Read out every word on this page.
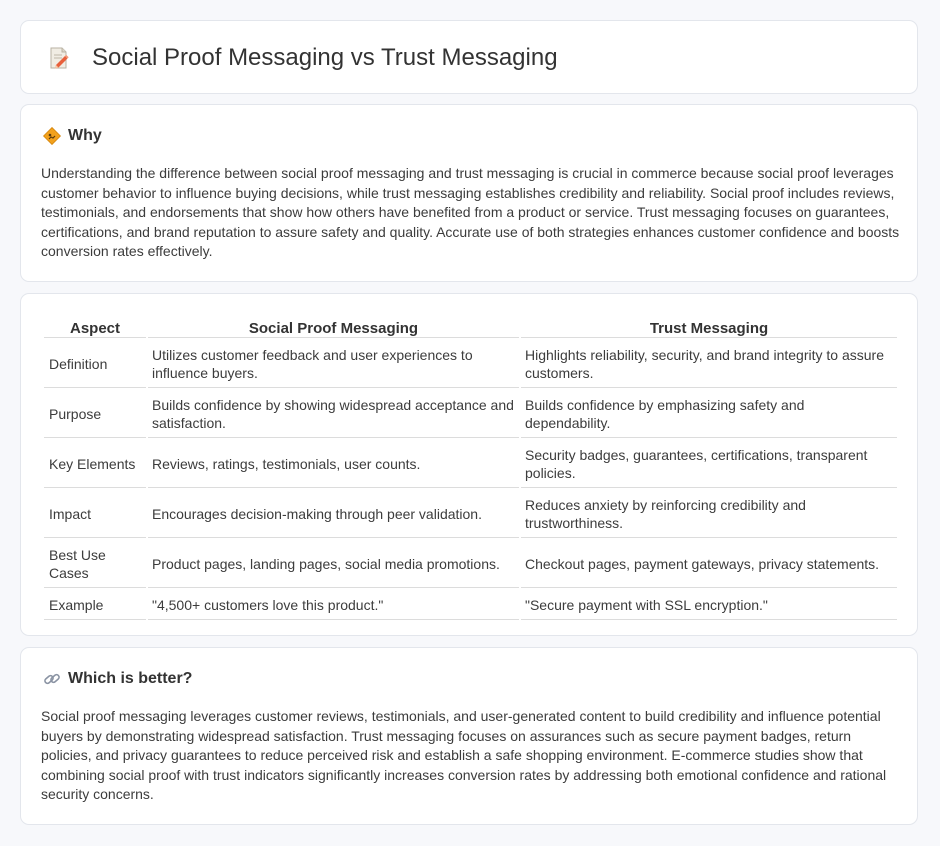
Social Proof Messaging vs Trust Messaging
Why

Understanding the difference between social proof messaging and trust messaging is crucial in commerce because social proof leverages customer behavior to influence buying decisions, while trust messaging establishes credibility and reliability. Social proof includes reviews, testimonials, and endorsements that show how others have benefited from a product or service. Trust messaging focuses on guarantees, certifications, and brand reputation to assure safety and quality. Accurate use of both strategies enhances customer confidence and boosts conversion rates effectively.

Aspect	Social Proof Messaging	Trust Messaging
Definition	Utilizes customer feedback and user experiences to influence buyers.	Highlights reliability, security, and brand integrity to assure customers.
Purpose	Builds confidence by showing widespread acceptance and satisfaction.	Builds confidence by emphasizing safety and dependability.
Key Elements	Reviews, ratings, testimonials, user counts.	Security badges, guarantees, certifications, transparent policies.
Impact	Encourages decision-making through peer validation.	Reduces anxiety by reinforcing credibility and trustworthiness.
Best Use Cases	Product pages, landing pages, social media promotions.	Checkout pages, payment gateways, privacy statements.
Example	"4,500+ customers love this product."	"Secure payment with SSL encryption."
Which is better?

Social proof messaging leverages customer reviews, testimonials, and user-generated content to build credibility and influence potential buyers by demonstrating widespread satisfaction. Trust messaging focuses on assurances such as secure payment badges, return policies, and privacy guarantees to reduce perceived risk and establish a safe shopping environment. E-commerce studies show that combining social proof with trust indicators significantly increases conversion rates by addressing both emotional confidence and rational security concerns.
